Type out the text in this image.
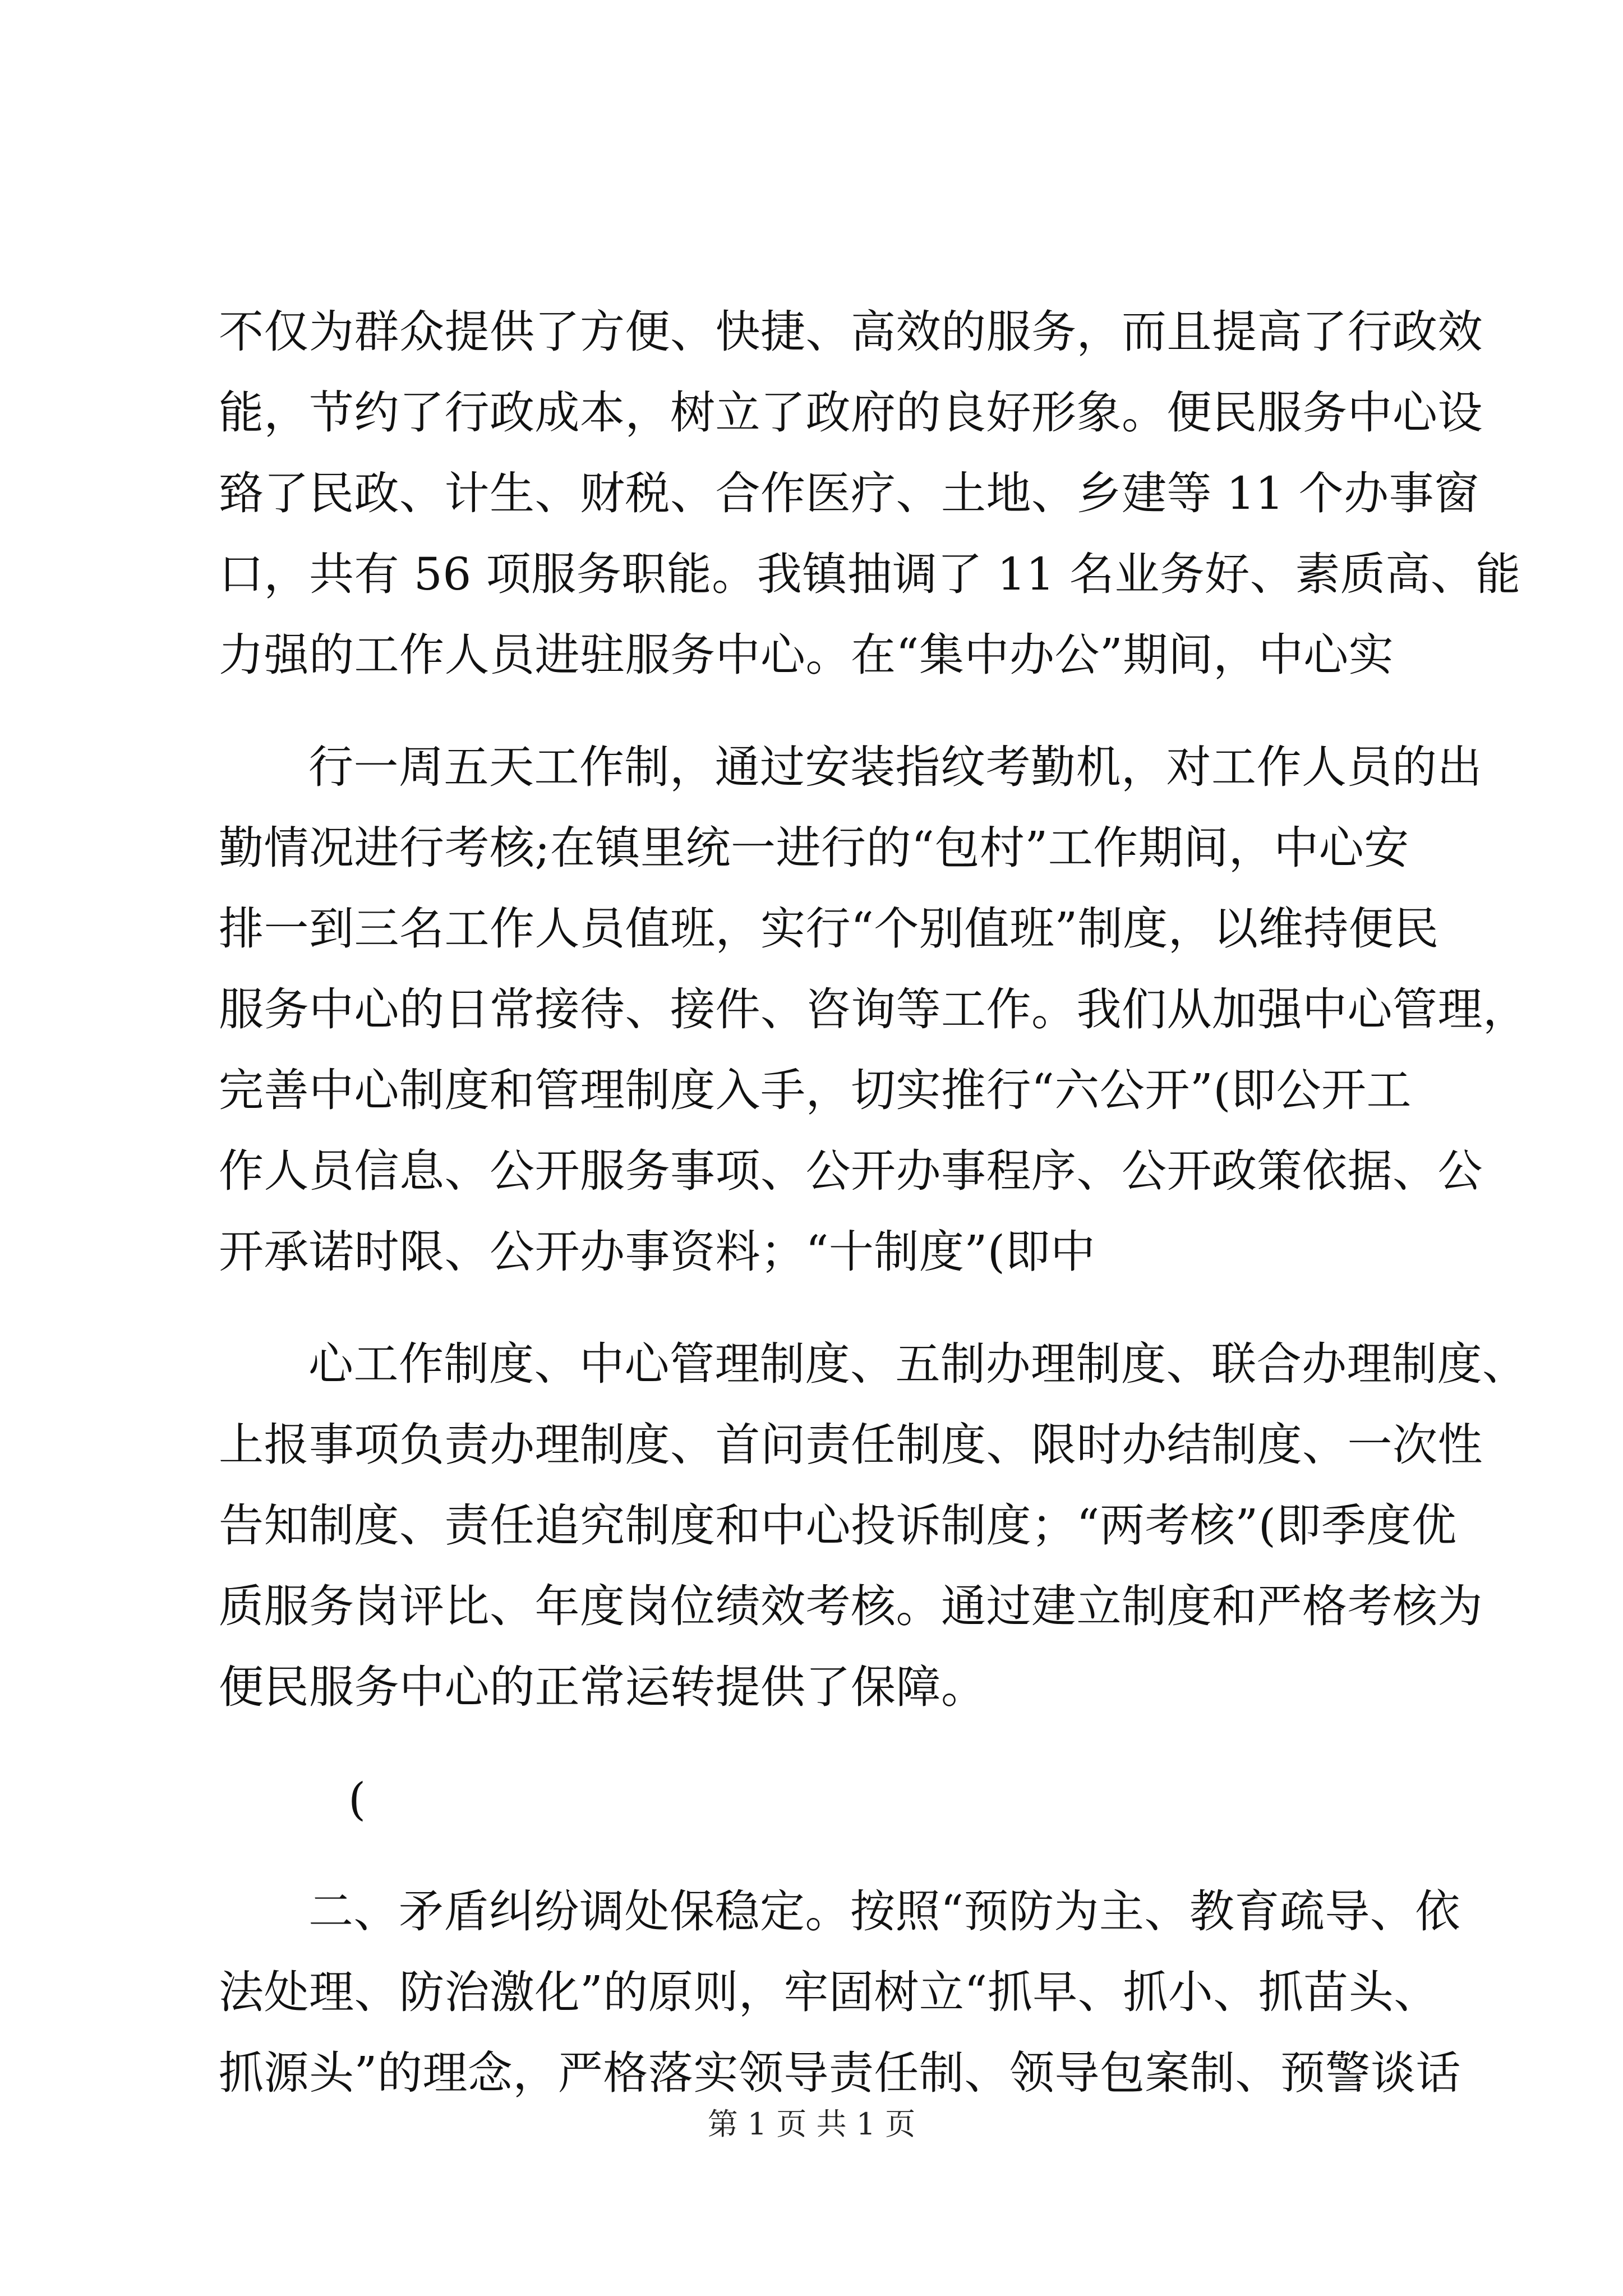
不仅为群众提供了方便、快捷、高效的服务，而且提高了行政效
能，节约了行政成本，树立了政府的良好形象。便民服务中心设
臵了民政、计生、财税、合作医疗、土地、乡建等 11 个办事窗
口，共有 56 项服务职能。我镇抽调了 11 名业务好、素质高、能
力强的工作人员进驻服务中心。在“集中办公”期间，中心实
行一周五天工作制，通过安装指纹考勤机，对工作人员的出
勤情况进行考核;在镇里统一进行的“包村”工作期间，中心安
排一到三名工作人员值班，实行“个别值班”制度，以维持便民
服务中心的日常接待、接件、咨询等工作。我们从加强中心管理，
完善中心制度和管理制度入手，切实推行“六公开”(即公开工
作人员信息、公开服务事项、公开办事程序、公开政策依据、公
开承诺时限、公开办事资料；“十制度”(即中
心工作制度、中心管理制度、五制办理制度、联合办理制度、
上报事项负责办理制度、首问责任制度、限时办结制度、一次性
告知制度、责任追究制度和中心投诉制度；“两考核”(即季度优
质服务岗评比、年度岗位绩效考核。通过建立制度和严格考核为
便民服务中心的正常运转提供了保障。
　　(
二、矛盾纠纷调处保稳定。按照“预防为主、教育疏导、依
法处理、防治激化”的原则，牢固树立“抓早、抓小、抓苗头、
抓源头”的理念，严格落实领导责任制、领导包案制、预警谈话
第 1 页 共 1 页
